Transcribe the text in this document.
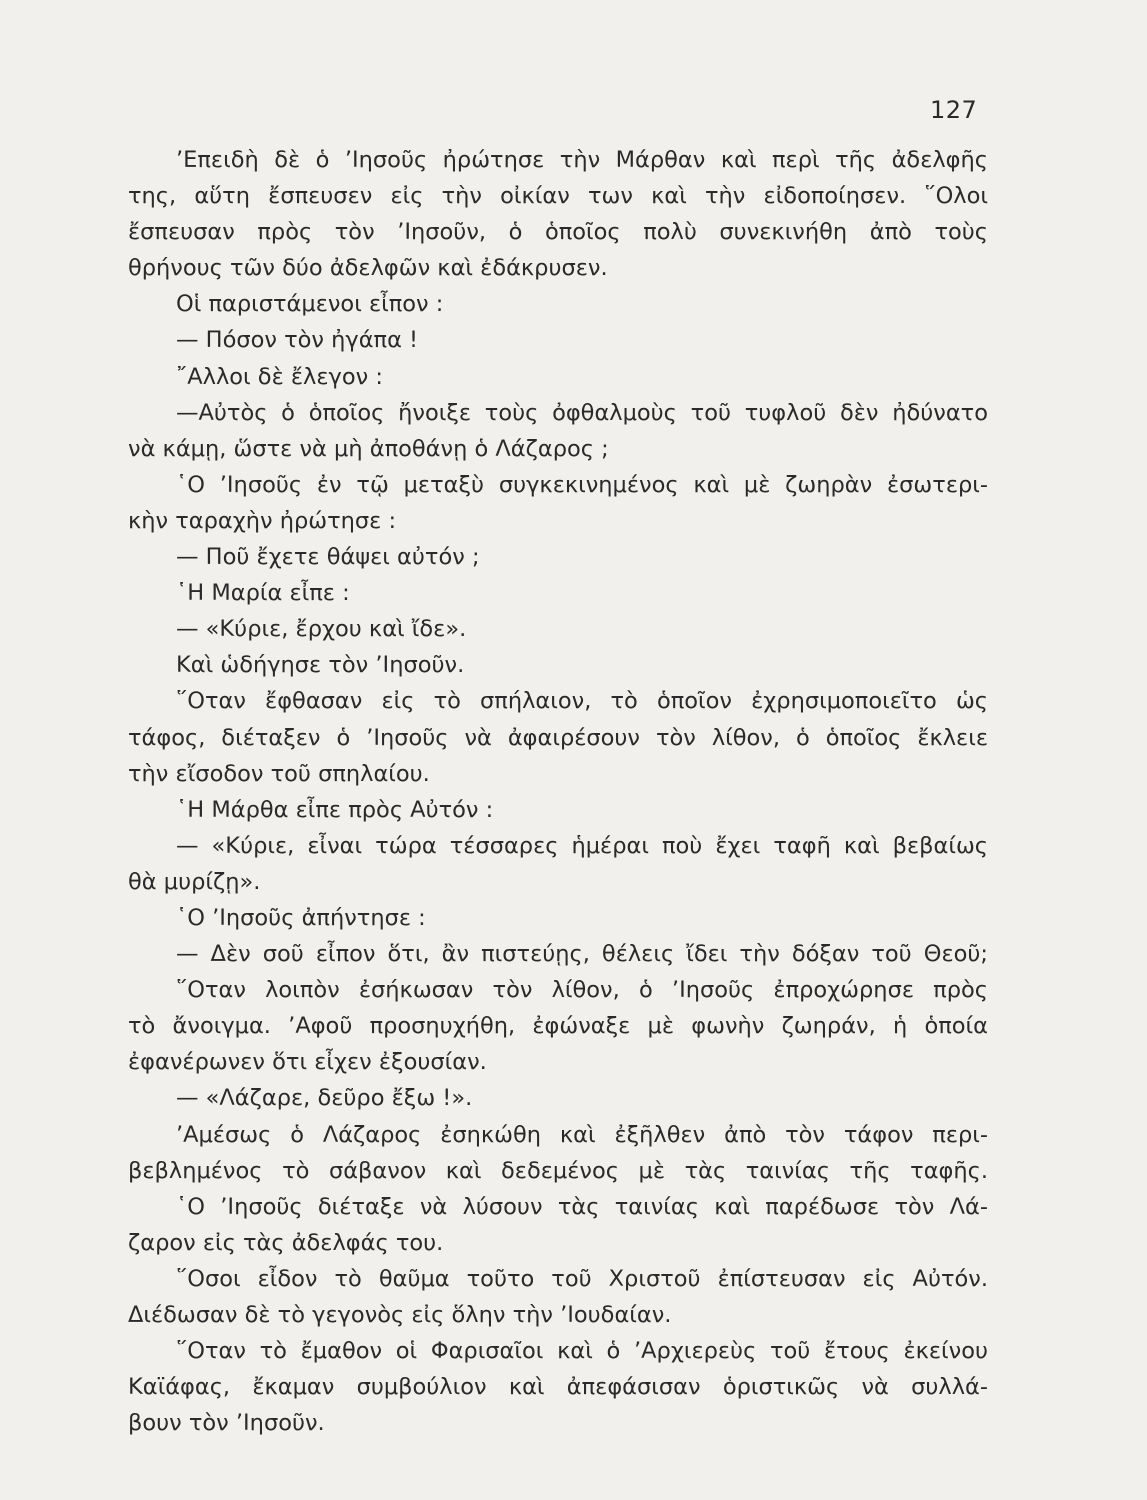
127
’Επειδὴ δὲ ὁ ’Ιησοῦς ἠρώτησε τὴν Μάρθαν καὶ περὶ τῆς ἀδελφῆς
της, αὕτη ἔσπευσεν εἰς τὴν οἰκίαν των καὶ τὴν εἰδοποίησεν. ῞Ολοι
ἔσπευσαν πρὸς τὸν ’Ιησοῦν, ὁ ὁποῖος πολὺ συνεκινήθη ἀπὸ τοὺς
θρήνους τῶν δύο ἀδελφῶν καὶ ἐδάκρυσεν.
Οἱ παριστάμενοι εἶπον :
— Πόσον τὸν ἠγάπα !
῎Αλλοι δὲ ἔλεγον :
—Αὐτὸς ὁ ὁποῖος ἤνοιξε τοὺς ὀφθαλμοὺς τοῦ τυφλοῦ δὲν ἠδύνατο
νὰ κάμῃ, ὥστε νὰ μὴ ἀποθάνῃ ὁ Λάζαρος ;
῾Ο ’Ιησοῦς ἐν τῷ μεταξὺ συγκεκινημένος καὶ μὲ ζωηρὰν ἐσωτερι-
κὴν ταραχὴν ἠρώτησε :
— Ποῦ ἔχετε θάψει αὐτόν ;
῾Η Μαρία εἶπε :
— «Κύριε, ἔρχου καὶ ἴδε».
Καὶ ὡδήγησε τὸν ’Ιησοῦν.
῞Οταν ἔφθασαν εἰς τὸ σπήλαιον, τὸ ὁποῖον ἐχρησιμοποιεῖτο ὡς
τάφος, διέταξεν ὁ ’Ιησοῦς νὰ ἀφαιρέσουν τὸν λίθον, ὁ ὁποῖος ἔκλειε
τὴν εἴσοδον τοῦ σπηλαίου.
῾Η Μάρθα εἶπε πρὸς Αὐτόν :
— «Κύριε, εἶναι τώρα τέσσαρες ἡμέραι ποὺ ἔχει ταφῆ καὶ βεβαίως
θὰ μυρίζῃ».
῾Ο ’Ιησοῦς ἀπήντησε :
— Δὲν σοῦ εἶπον ὅτι, ἂν πιστεύῃς, θέλεις ἴδει τὴν δόξαν τοῦ Θεοῦ;
῞Οταν λοιπὸν ἐσήκωσαν τὸν λίθον, ὁ ’Ιησοῦς ἐπροχώρησε πρὸς
τὸ ἄνοιγμα. ’Αφοῦ προσηυχήθη, ἐφώναξε μὲ φωνὴν ζωηράν, ἡ ὁποία
ἐφανέρωνεν ὅτι εἶχεν ἐξουσίαν.
— «Λάζαρε, δεῦρο ἔξω !».
’Αμέσως ὁ Λάζαρος ἐσηκώθη καὶ ἐξῆλθεν ἀπὸ τὸν τάφον περι-
βεβλημένος τὸ σάβανον καὶ δεδεμένος μὲ τὰς ταινίας τῆς ταφῆς.
῾Ο ’Ιησοῦς διέταξε νὰ λύσουν τὰς ταινίας καὶ παρέδωσε τὸν Λά-
ζαρον εἰς τὰς ἀδελφάς του.
῞Οσοι εἶδον τὸ θαῦμα τοῦτο τοῦ Χριστοῦ ἐπίστευσαν εἰς Αὐτόν.
Διέδωσαν δὲ τὸ γεγονὸς εἰς ὅλην τὴν ’Ιουδαίαν.
῞Οταν τὸ ἔμαθον οἱ Φαρισαῖοι καὶ ὁ ’Αρχιερεὺς τοῦ ἔτους ἐκείνου
Καϊάφας, ἔκαμαν συμβούλιον καὶ ἀπεφάσισαν ὁριστικῶς νὰ συλλά-
βουν τὸν ’Ιησοῦν.
